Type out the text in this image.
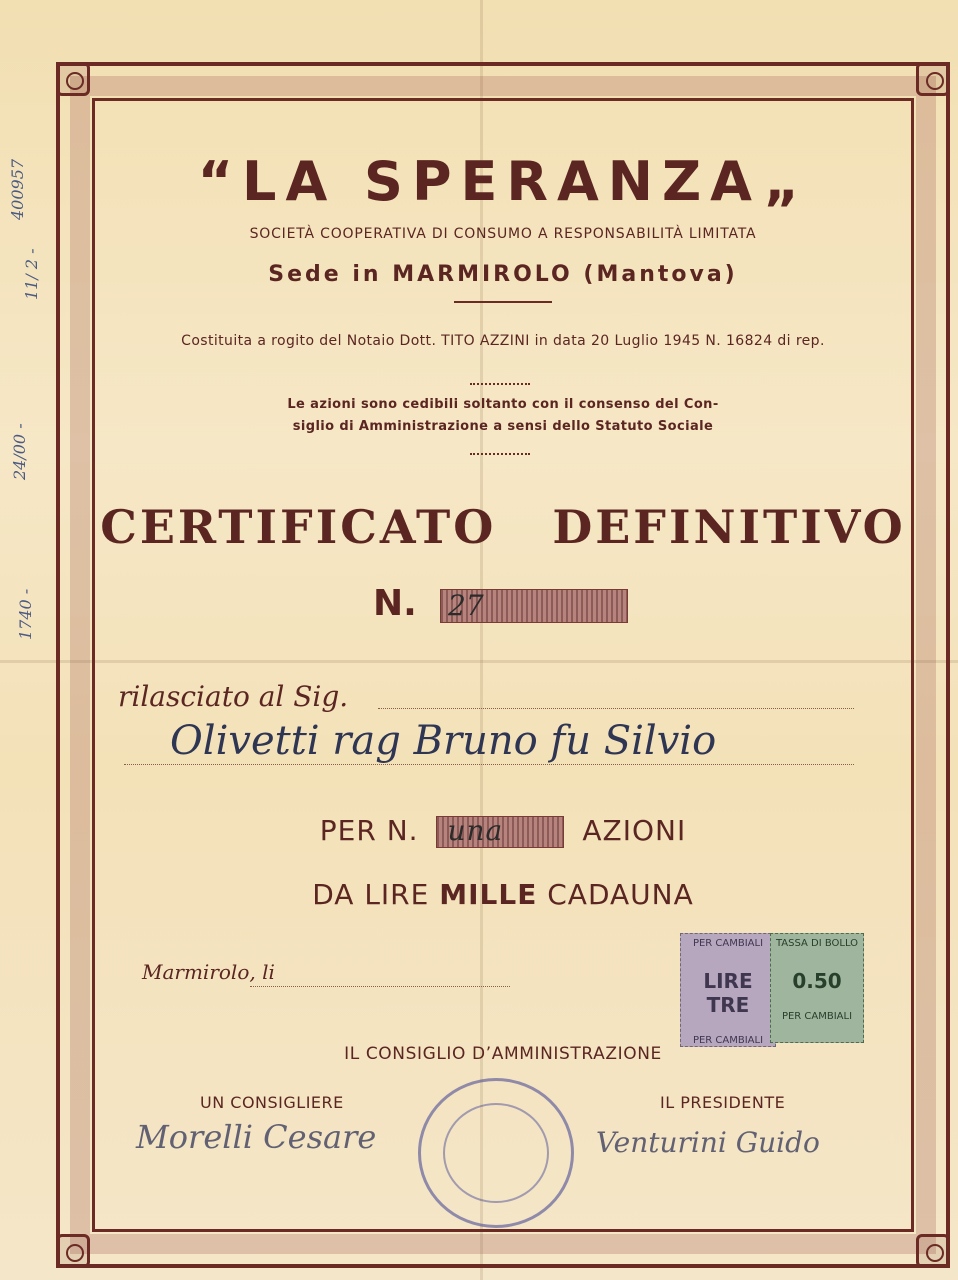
400957
11/ 2 -
24/00 -
1740 -
“LA SPERANZA„
SOCIETÀ COOPERATIVA DI CONSUMO A RESPONSABILITÀ LIMITATA
Sede in MARMIROLO (Mantova)
Costituita a rogito del Notaio Dott. TITO AZZINI in data 20 Luglio 1945 N. 16824 di rep.
Le azioni sono cedibili soltanto con il consenso del Con-
siglio di Amministrazione a sensi dello Statuto Sociale
CERTIFICATO DEFINITIVO
N. 27
rilasciato al Sig.
Olivetti rag Bruno fu Silvio
PER N. una	AZIONI
DA LIRE MILLE CADAUNA
Marmirolo, li
PER CAMBIALI
LIRE TRE
PER CAMBIALI
TASSA DI BOLLO
0.50
PER CAMBIALI
IL CONSIGLIO D’AMMINISTRAZIONE
UN CONSIGLIERE	IL PRESIDENTE
Morelli Cesare	Venturini Guido
